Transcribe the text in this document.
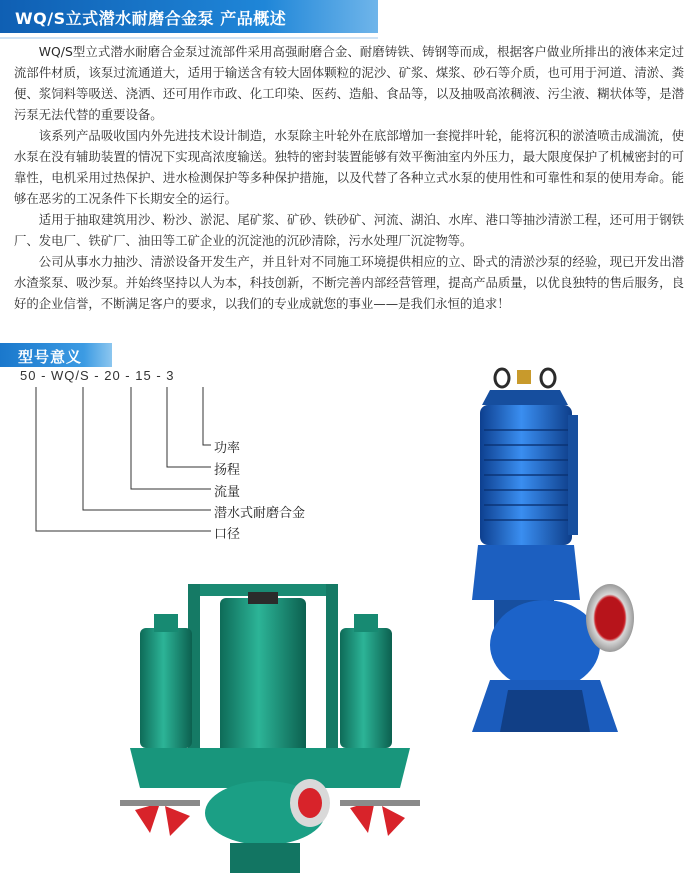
WQ/S立式潜水耐磨合金泵 产品概述

WQ/S型立式潜水耐磨合金泵过流部件采用高强耐磨合金、耐磨铸铁、铸钢等而成，根据客户做业所排出的液体来定过流部件材质，该泵过流通道大，适用于输送含有较大固体颗粒的泥沙、矿浆、煤浆、砂石等介质，也可用于河道、清淤、粪便、浆饲料等吸送、浇洒、还可用作市政、化工印染、医药、造船、食品等，以及抽吸高浓稠液、污尘液、糊状体等，是潜污泵无法代替的重要设备。

该系列产品吸收国内外先进技术设计制造，水泵除主叶轮外在底部增加一套搅拌叶轮，能将沉积的淤渣喷击成湍流，使水泵在没有辅助装置的情况下实现高浓度输送。独特的密封装置能够有效平衡油室内外压力，最大限度保护了机械密封的可靠性，电机采用过热保护、进水检测保护等多种保护措施，以及代替了各种立式水泵的使用性和可靠性和泵的使用寿命。能够在恶劣的工况条件下长期安全的运行。

适用于抽取建筑用沙、粉沙、淤泥、尾矿浆、矿砂、铁砂矿、河流、湖泊、水库、港口等抽沙清淤工程，还可用于钢铁厂、发电厂、铁矿厂、油田等工矿企业的沉淀池的沉砂清除，污水处理厂沉淀物等。

公司从事水力抽沙、清淤设备开发生产，并且针对不同施工环境提供相应的立、卧式的清淤沙泵的经验，现已开发出潜水渣浆泵、吸沙泵。并始终坚持以人为本，科技创新，不断完善内部经营管理，提高产品质量，以优良独特的售后服务，良好的企业信誉，不断满足客户的要求，以我们的专业成就您的事业——是我们永恒的追求！

型号意义
50 - WQ/S - 20 - 15 - 3
功率
扬程
流量
潜水式耐磨合金
口径
